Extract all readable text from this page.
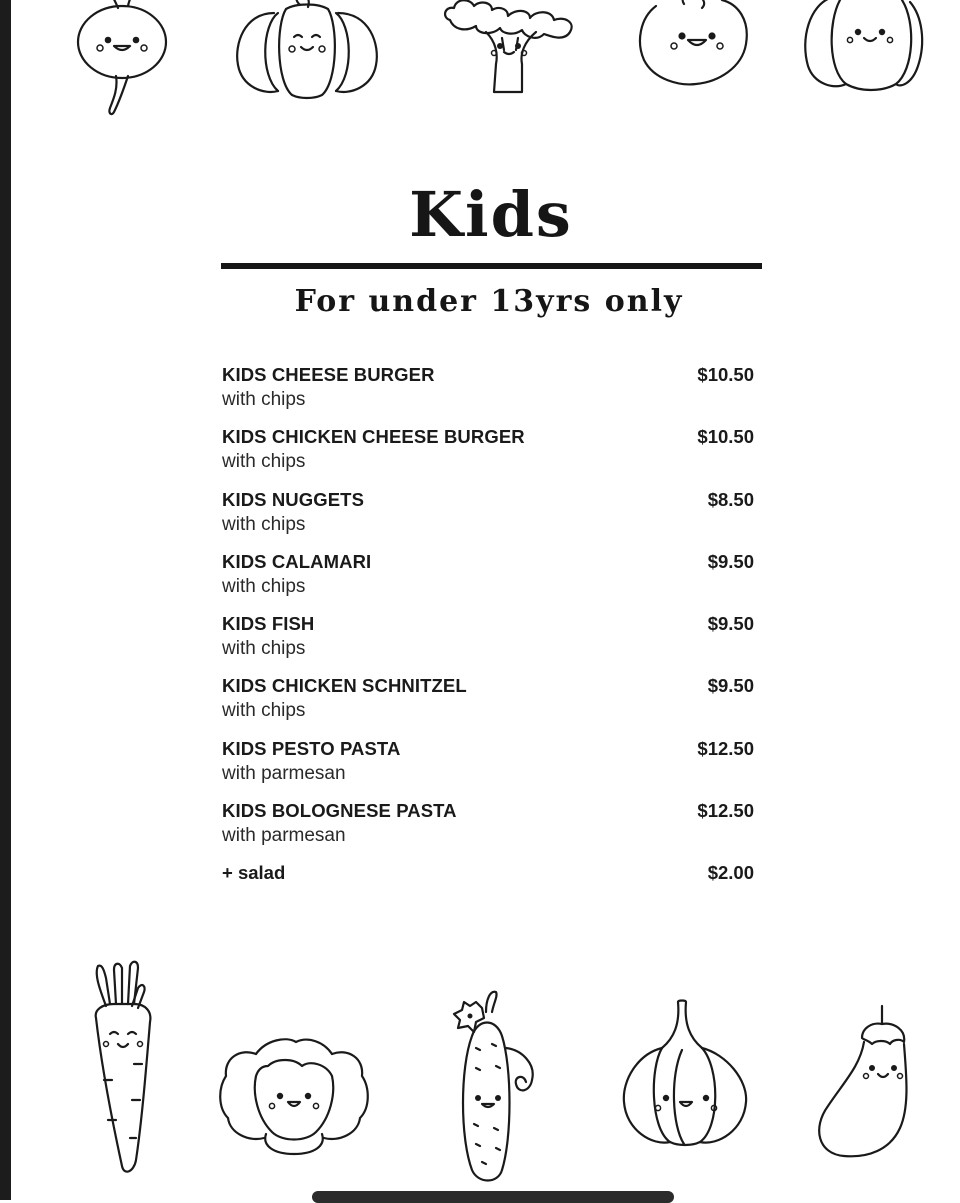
Kids
For under 13yrs only
KIDS CHEESE BURGER
with chips
$10.50
KIDS CHICKEN CHEESE BURGER
with chips
$10.50
KIDS NUGGETS
with chips
$8.50
KIDS CALAMARI
with chips
$9.50
KIDS FISH
with chips
$9.50
KIDS CHICKEN SCHNITZEL
with chips
$9.50
KIDS PESTO PASTA
with parmesan
$12.50
KIDS BOLOGNESE PASTA
with parmesan
$12.50
+ salad	$2.00
